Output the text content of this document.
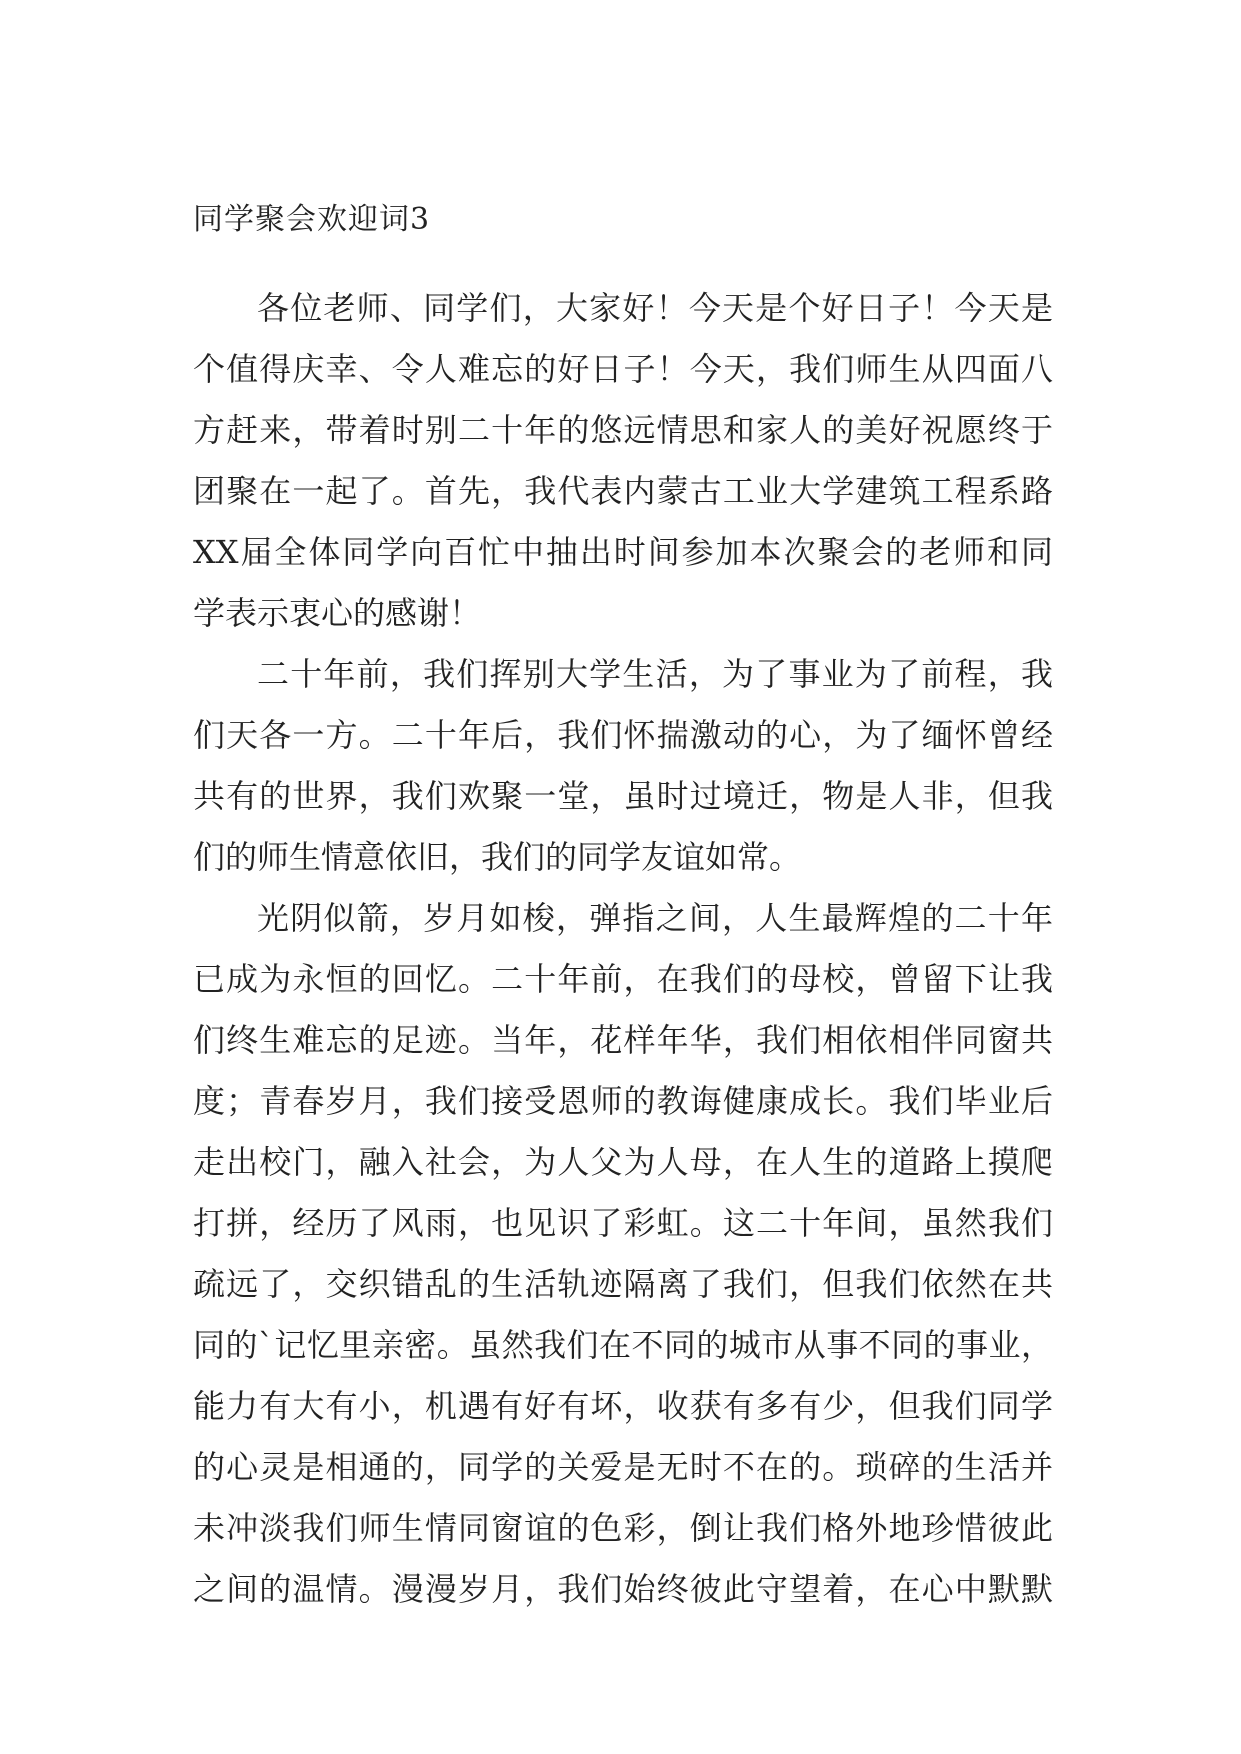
同学聚会欢迎词3

各位老师、同学们，大家好！今天是个好日子！今天是
个值得庆幸、令人难忘的好日子！今天，我们师生从四面八
方赶来，带着时别二十年的悠远情思和家人的美好祝愿终于
团聚在一起了。首先，我代表内蒙古工业大学建筑工程系路
XX届全体同学向百忙中抽出时间参加本次聚会的老师和同
学表示衷心的感谢！

二十年前，我们挥别大学生活，为了事业为了前程，我
们天各一方。二十年后，我们怀揣激动的心，为了缅怀曾经
共有的世界，我们欢聚一堂，虽时过境迁，物是人非，但我
们的师生情意依旧，我们的同学友谊如常。

光阴似箭，岁月如梭，弹指之间，人生最辉煌的二十年
已成为永恒的回忆。二十年前，在我们的母校，曾留下让我
们终生难忘的足迹。当年，花样年华，我们相依相伴同窗共
度；青春岁月，我们接受恩师的教诲健康成长。我们毕业后
走出校门，融入社会，为人父为人母，在人生的道路上摸爬
打拼，经历了风雨，也见识了彩虹。这二十年间，虽然我们
疏远了，交织错乱的生活轨迹隔离了我们，但我们依然在共
同的`记忆里亲密。虽然我们在不同的城市从事不同的事业，
能力有大有小，机遇有好有坏，收获有多有少，但我们同学
的心灵是相通的，同学的关爱是无时不在的。琐碎的生活并
未冲淡我们师生情同窗谊的色彩，倒让我们格外地珍惜彼此
之间的温情。漫漫岁月，我们始终彼此守望着，在心中默默
